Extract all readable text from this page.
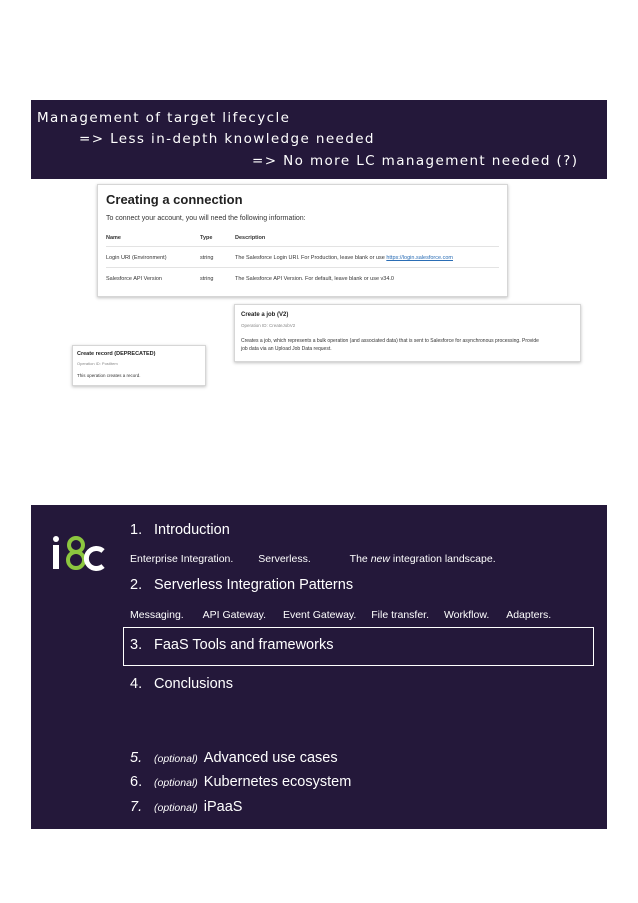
Management of target lifecycle
=> Less in-depth knowledge needed
=> No more LC management needed (?)
Creating a connection
To connect your account, you will need the following information:
Name	Type	Description
Login URI (Environment)	string	The Salesforce Login URI. For Production, leave blank or use https://login.salesforce.com
Salesforce API Version	string	The Salesforce API Version. For default, leave blank or use v34.0
Create a job (V2)
Operation ID: CreateJobV2
Creates a job, which represents a bulk operation (and associated data) that is sent to Salesforce for asynchronous processing. Provide
job data via an Upload Job Data request.
Create record (DEPRECATED)
Operation ID: PostItem
This operation creates a record.
1. Introduction
Enterprise Integration. Serverless.	The new integration landscape.
2. Serverless Integration Patterns
Messaging. API Gateway. Event Gateway. File transfer. Workflow. Adapters.
3. FaaS Tools and frameworks
4. Conclusions
5. (optional) Advanced use cases
6. (optional) Kubernetes ecosystem
7. (optional) iPaaS
